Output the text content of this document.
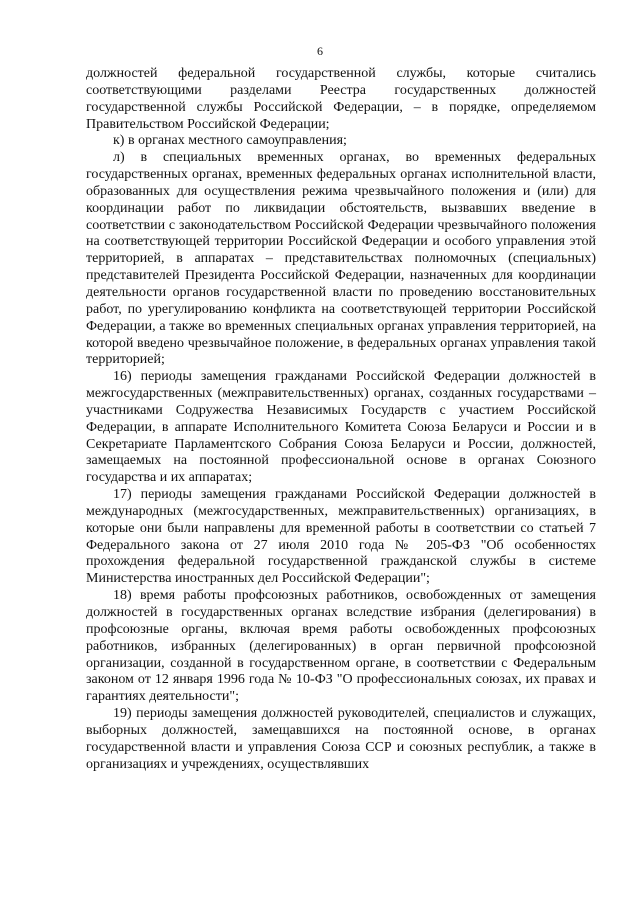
6

должностей федеральной государственной службы, которые считались соответствующими разделами Реестра государственных должностей государственной службы Российской Федерации, – в порядке, определяемом Правительством Российской Федерации;

к) в органах местного самоуправления;

л) в специальных временных органах, во временных федеральных государственных органах, временных федеральных органах исполнительной власти, образованных для осуществления режима чрезвычайного положения и (или) для координации работ по ликвидации обстоятельств, вызвавших введение в соответствии с законодательством Российской Федерации чрезвычайного положения на соответствующей территории Российской Федерации и особого управления этой территорией, в аппаратах – представительствах полномочных (специальных) представителей Президента Российской Федерации, назначенных для координации деятельности органов государственной власти по проведению восстановительных работ, по урегулированию конфликта на соответствующей территории Российской Федерации, а также во временных специальных органах управления территорией, на которой введено чрезвычайное положение, в федеральных органах управления такой территорией;

16) периоды замещения гражданами Российской Федерации должностей в межгосударственных (межправительственных) органах, созданных государствами – участниками Содружества Независимых Государств с участием Российской Федерации, в аппарате Исполнительного Комитета Союза Беларуси и России и в Секретариате Парламентского Собрания Союза Беларуси и России, должностей, замещаемых на постоянной профессиональной основе в органах Союзного государства и их аппаратах;

17) периоды замещения гражданами Российской Федерации должностей в международных (межгосударственных, межправительственных) организациях, в которые они были направлены для временной работы в соответствии со статьей 7 Федерального закона от 27 июля 2010 года № 205-ФЗ "Об особенностях прохождения федеральной государственной гражданской службы в системе Министерства иностранных дел Российской Федерации";

18) время работы профсоюзных работников, освобожденных от замещения должностей в государственных органах вследствие избрания (делегирования) в профсоюзные органы, включая время работы освобожденных профсоюзных работников, избранных (делегированных) в орган первичной профсоюзной организации, созданной в государственном органе, в соответствии с Федеральным законом от 12 января 1996 года № 10-ФЗ "О профессиональных союзах, их правах и гарантиях деятельности";

19) периоды замещения должностей руководителей, специалистов и служащих, выборных должностей, замещавшихся на постоянной основе, в органах государственной власти и управления Союза ССР и союзных республик, а также в организациях и учреждениях, осуществлявших
